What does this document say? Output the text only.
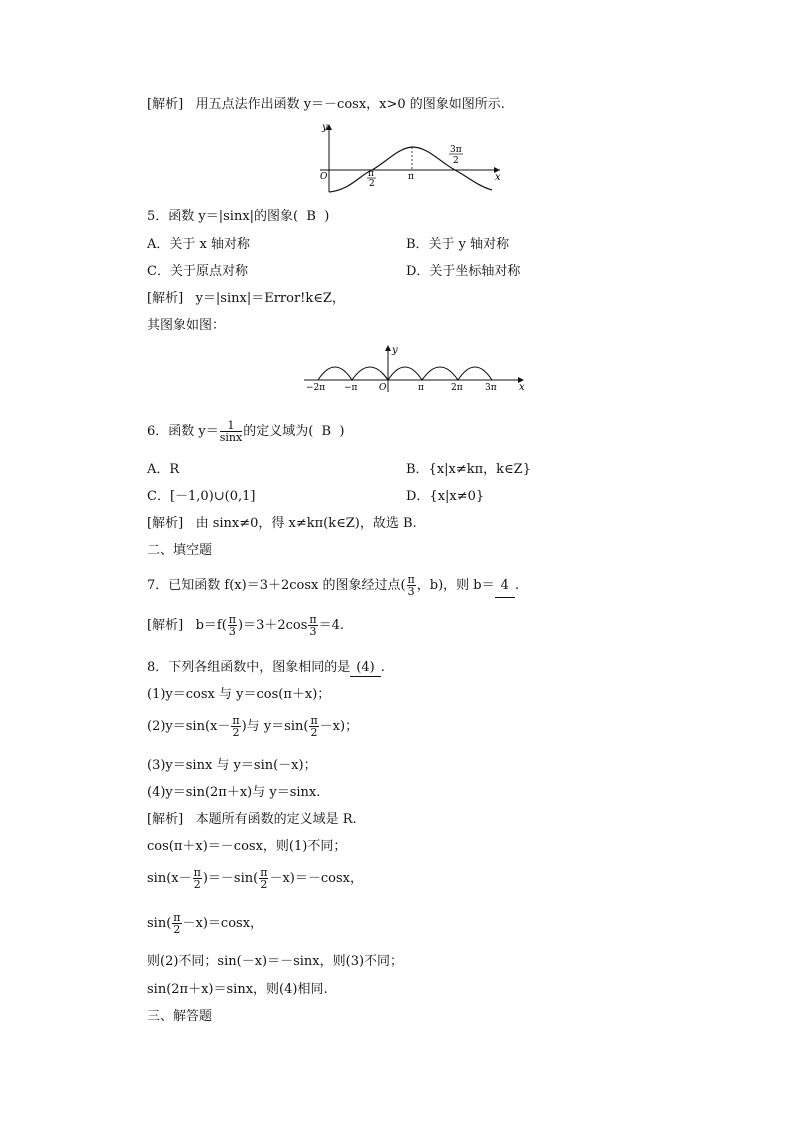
[解析] 用五点法作出函数 y＝－cosx，x>0 的图象如图所示.
y
x
O	π
2
π
3π
2
5．函数 y＝|sinx|的图象( B )
A．关于 x 轴对称	B．关于 y 轴对称
C．关于原点对称	D．关于坐标轴对称
[解析] y＝|sinx|＝Error!k∈Z，
其图象如图：
y
x
O
−2π −π	π	2π 3π
6．函数 $y= \frac{1}{\sin x}$ 的定义域为( B )
A．R	B．{x|x≠kπ，k∈Z}
C．[－1,0)∪(0,1]	D．{x|x≠0}
[解析] 由 sinx≠0，得 x≠kπ(k∈Z)，故选 B.
二、填空题
7．已知函数 f(x)＝3＋2cosx 的图象经过点( $\frac{\pi}{3}$ ，b)，则 b＝ 4 .
[解析] $b=f( \frac{\pi}{3} )=3+2\cos \frac{\pi}{3} =4$.
8．下列各组函数中，图象相同的是 (4) .
(1)y＝cosx 与 y＝cos(π＋x)；
$(2)y=\sin(x- \frac{\pi}{2}$ )与 $y=\sin( \frac{\pi}{2} -x)$；
(3)y＝sinx 与 y＝sin(－x)；
(4)y＝sin(2π＋x)与 y＝sinx.
[解析] 本题所有函数的定义域是 R.
cos(π＋x)＝－cosx，则(1)不同；
$\sin(x- \frac{\pi}{2} )=-\sin( \frac{\pi}{2} -x)=-\cos x$，
$\sin( \frac{\pi}{2} -x)=\cos x$，
则(2)不同；sin(－x)＝－sinx，则(3)不同；
sin(2π＋x)＝sinx，则(4)相同.
三、解答题
